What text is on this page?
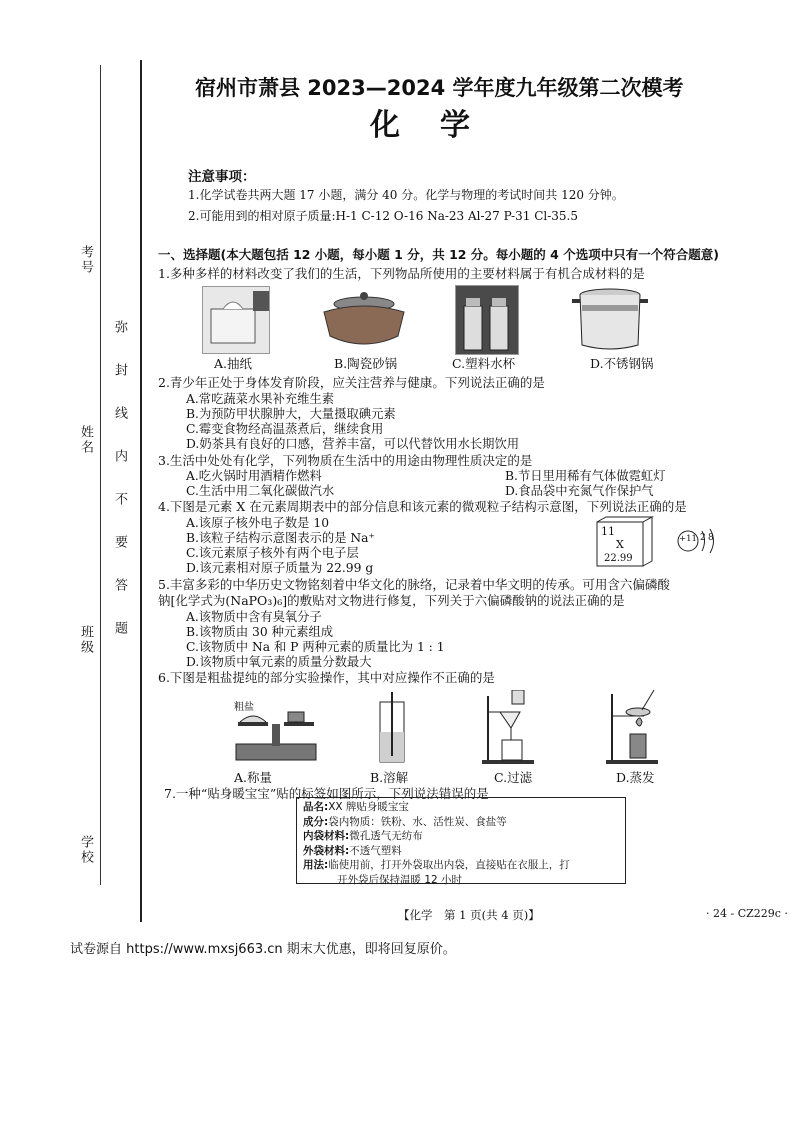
考号
姓名
班级
学校
弥封线内不要答题
宿州市萧县 2023—2024 学年度九年级第二次模考
化学
注意事项：
1.化学试卷共两大题 17 小题，满分 40 分。化学与物理的考试时间共 120 分钟。
2.可能用到的相对原子质量:H-1 C-12 O-16 Na-23 Al-27 P-31 Cl-35.5
一、选择题(本大题包括 12 小题，每小题 1 分，共 12 分。每小题的 4 个选项中只有一个符合题意)
1.多种多样的材料改变了我们的生活，下列物品所使用的主要材料属于有机合成材料的是
A.抽纸	B.陶瓷砂锅	C.塑料水杯	D.不锈钢锅
2.青少年正处于身体发育阶段，应关注营养与健康。下列说法正确的是
A.常吃蔬菜水果补充维生素
B.为预防甲状腺肿大，大量摄取碘元素
C.霉变食物经高温蒸煮后，继续食用
D.奶茶具有良好的口感，营养丰富，可以代替饮用水长期饮用
3.生活中处处有化学，下列物质在生活中的用途由物理性质决定的是
A.吃火锅时用酒精作燃料	B.节日里用稀有气体做霓虹灯
C.生活中用二氧化碳做汽水	D.食品袋中充氮气作保护气
4.下图是元素 X 在元素周期表中的部分信息和该元素的微观粒子结构示意图，下列说法正确的是
A.该原子核外电子数是 10
B.该粒子结构示意图表示的是 Na⁺
C.该元素原子核外有两个电子层
D.该元素相对原子质量为 22.99 g
11
X
22.99
+11 2 8
5.丰富多彩的中华历史文物铭刻着中华文化的脉络，记录着中华文明的传承。可用含六偏磷酸
钠[化学式为(NaPO₃)₆]的敷贴对文物进行修复，下列关于六偏磷酸钠的说法正确的是
A.该物质中含有臭氧分子
B.该物质由 30 种元素组成
C.该物质中 Na 和 P 两种元素的质量比为 1 : 1
D.该物质中氧元素的质量分数最大
6.下图是粗盐提纯的部分实验操作，其中对应操作不正确的是
粗盐
A.称量	B.溶解	C.过滤	D.蒸发
7.一种“贴身暖宝宝”贴的标签如图所示，下列说法错误的是
品名:XX 牌贴身暖宝宝
成分:袋内物质：铁粉、水、活性炭、食盐等
内袋材料:微孔透气无纺布
外袋材料:不透气塑料
用法:临使用前，打开外袋取出内袋，直接贴在衣服上，打
开外袋后保持温暖 12 小时
【化学　第 1 页(共 4 页)】	· 24 - CZ229c ·
试卷源自 https://www.mxsj663.cn 期末大优惠，即将回复原价。
